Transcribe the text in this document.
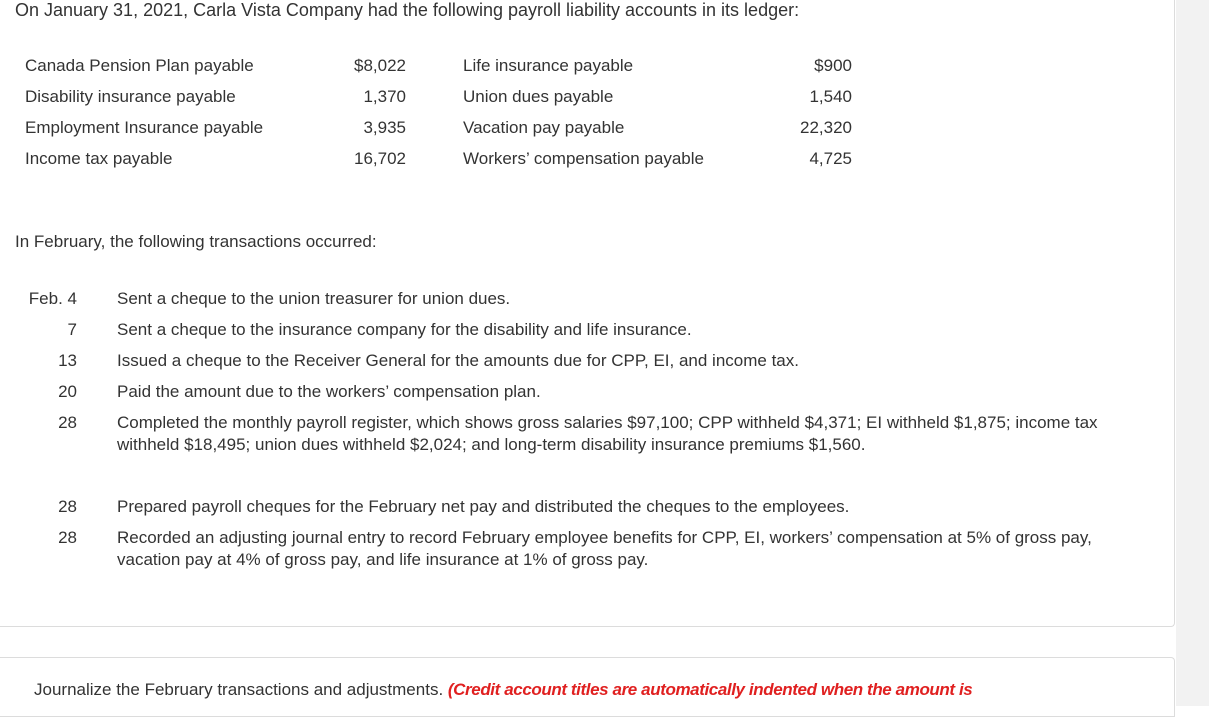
On January 31, 2021, Carla Vista Company had the following payroll liability accounts in its ledger:
Canada Pension Plan payable	$8,022
Disability insurance payable	1,370
Employment Insurance payable	3,935
Income tax payable	16,702
Life insurance payable	$900
Union dues payable	1,540
Vacation pay payable	22,320
Workers’ compensation payable	4,725
In February, the following transactions occurred:
Feb. 4 Sent a cheque to the union treasurer for union dues.
7 Sent a cheque to the insurance company for the disability and life insurance.
13 Issued a cheque to the Receiver General for the amounts due for CPP, EI, and income tax.
20 Paid the amount due to the workers’ compensation plan.
28 Completed the monthly payroll register, which shows gross salaries $97,100; CPP withheld $4,371; EI withheld $1,875; income tax withheld $18,495; union dues withheld $2,024; and long-term disability insurance premiums $1,560.
28 Prepared payroll cheques for the February net pay and distributed the cheques to the employees.
28 Recorded an adjusting journal entry to record February employee benefits for CPP, EI, workers’ compensation at 5% of gross pay, vacation pay at 4% of gross pay, and life insurance at 1% of gross pay.
Journalize the February transactions and adjustments. (Credit account titles are automatically indented when the amount is
